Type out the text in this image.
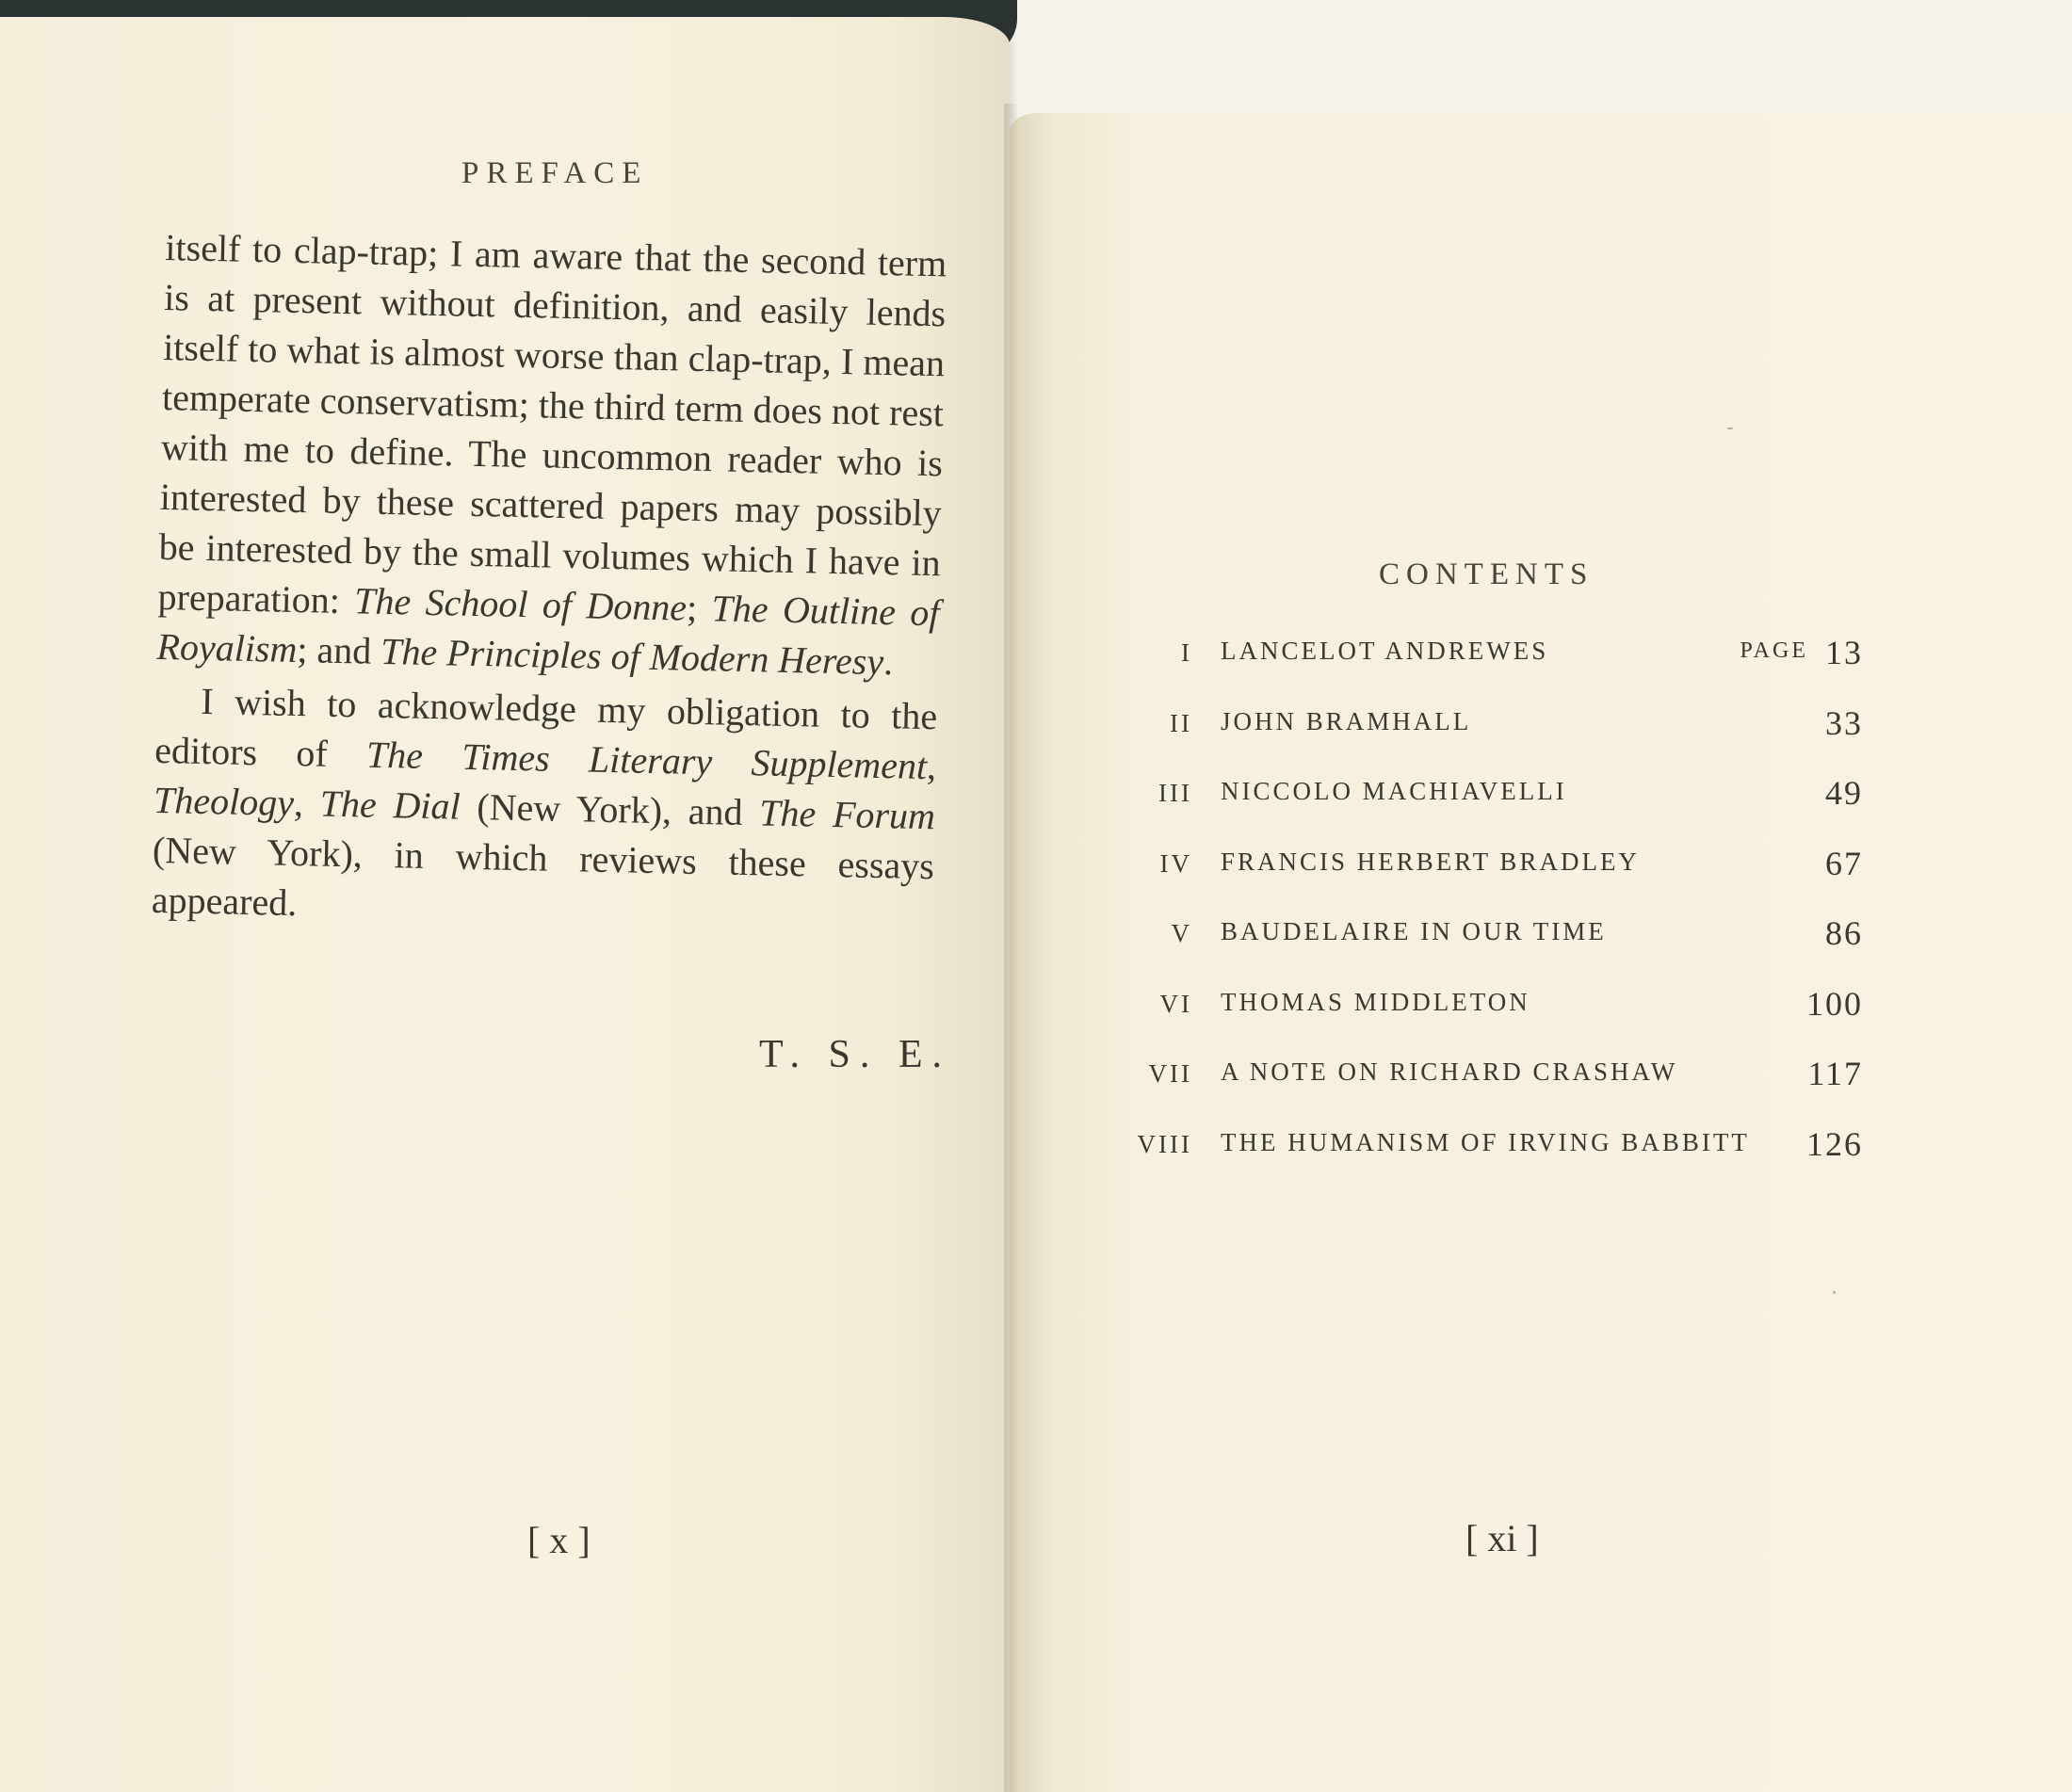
PREFACE

itself to clap-trap; I am aware that the second term is at present without definition, and easily lends itself to what is almost worse than clap-trap, I mean temperate conservatism; the third term does not rest with me to define. The uncommon reader who is interested by these scattered papers may possibly be interested by the small volumes which I have in preparation: The School of Donne; The Outline of Royalism; and The Principles of Modern Heresy.

I wish to acknowledge my obligation to the editors of The Times Literary Supplement, Theology, The Dial (New York), and The Forum (New York), in which reviews these essays appeared.

T. S. E.
[ x ]
CONTENTS
I LANCELOT ANDREWES	13
PAGE
II JOHN BRAMHALL	33
III NICCOLO MACHIAVELLI	49
IV FRANCIS HERBERT BRADLEY	67
V BAUDELAIRE IN OUR TIME	86
VI THOMAS MIDDLETON	100
VII A NOTE ON RICHARD CRASHAW	117
VIII THE HUMANISM OF IRVING BABBITT 126
[ xi ]
